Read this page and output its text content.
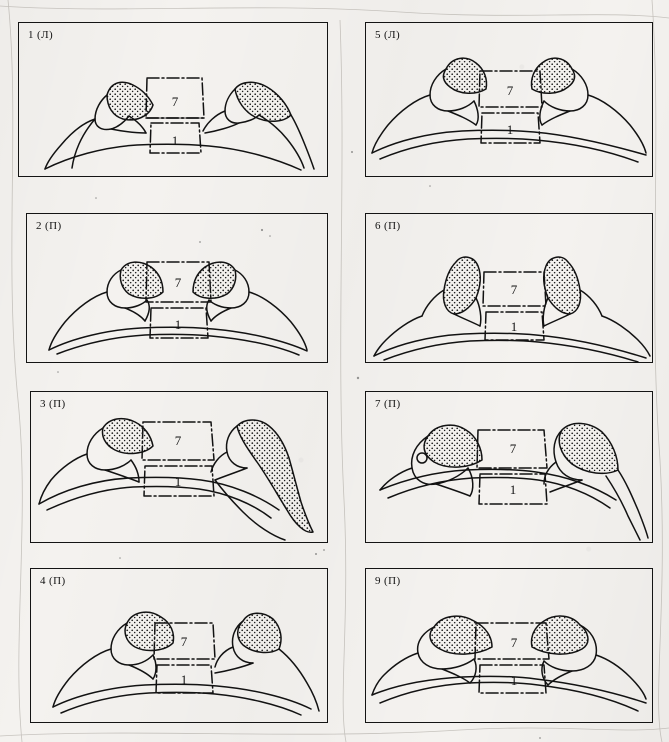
1 (Л)
7
1
2 (П)
7
1
3 (П)
7
1
4 (П)
7
1
5 (Л)
7
1
6 (П)
7
1
7 (П)
7
1
9 (П)
7
1
